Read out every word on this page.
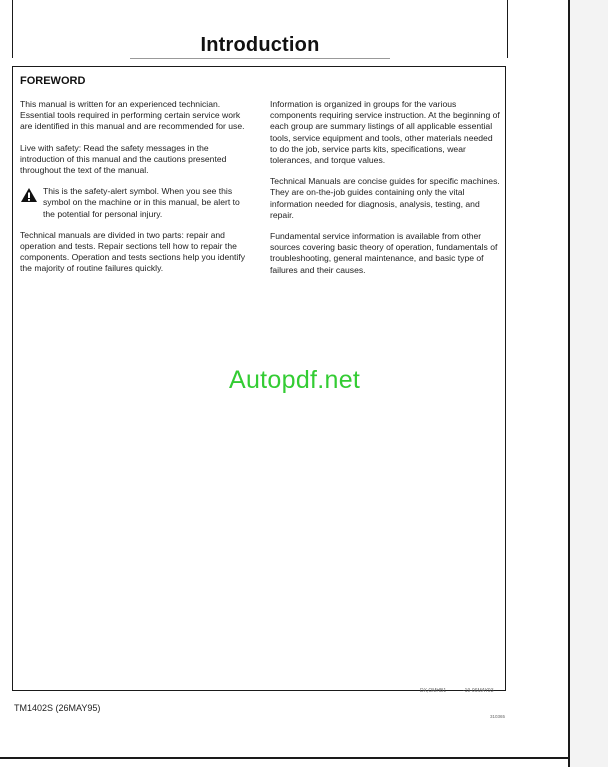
Introduction
FOREWORD

This manual is written for an experienced technician. Essential tools required in performing certain service work are identified in this manual and are recommended for use.

Live with safety: Read the safety messages in the introduction of this manual and the cautions presented throughout the text of the manual.

This is the safety-alert symbol. When you see this symbol on the machine or in this manual, be alert to the potential for personal injury.

Technical manuals are divided in two parts: repair and operation and tests. Repair sections tell how to repair the components. Operation and tests sections help you identify the majority of routine failures quickly.

Information is organized in groups for the various components requiring service instruction. At the beginning of each group are summary listings of all applicable essential tools, service equipment and tools, other materials needed to do the job, service parts kits, specifications, wear tolerances, and torque values.

Technical Manuals are concise guides for specific machines. They are on-the-job guides containing only the vital information needed for diagnosis, analysis, testing, and repair.

Fundamental service information is available from other sources covering basic theory of operation, fundamentals of troubleshooting, general maintenance, and basic type of failures and their causes.

Autopdf.net
DX,OMHB1	-19-06MAY93
TM1402S (26MAY95)
310365
